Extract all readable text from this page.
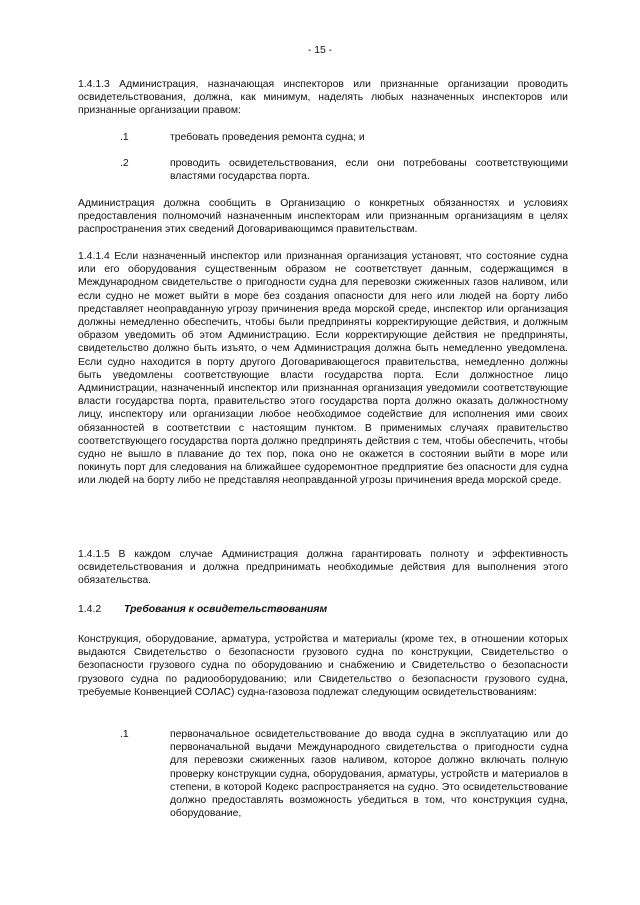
- 15 -

1.4.1.3 Администрация, назначающая инспекторов или признанные организации проводить освидетельствования, должна, как минимум, наделять любых назначенных инспекторов или признанные организации правом:

.1	требовать проведения ремонта судна; и

.2	проводить освидетельствования, если они потребованы соответствующими властями государства порта.

Администрация должна сообщить в Организацию о конкретных обязанностях и условиях предоставления полномочий назначенным инспекторам или признанным организациям в целях распространения этих сведений Договаривающимся правительствам.

1.4.1.4 Если назначенный инспектор или признанная организация установят, что состояние судна или его оборудования существенным образом не соответствует данным, содержащимся в Международном свидетельстве о пригодности судна для перевозки сжиженных газов наливом, или если судно не может выйти в море без создания опасности для него или людей на борту либо представляет неоправданную угрозу причинения вреда морской среде, инспектор или организация должны немедленно обеспечить, чтобы были предприняты корректирующие действия, и должным образом уведомить об этом Администрацию. Если корректирующие действия не предприняты, свидетельство должно быть изъято, о чем Администрация должна быть немедленно уведомлена. Если судно находится в порту другого Договаривающегося правительства, немедленно должны быть уведомлены соответствующие власти государства порта. Если должностное лицо Администрации, назначенный инспектор или признанная организация уведомили соответствующие власти государства порта, правительство этого государства порта должно оказать должностному лицу, инспектору или организации любое необходимое содействие для исполнения ими своих обязанностей в соответствии с настоящим пунктом. В применимых случаях правительство соответствующего государства порта должно предпринять действия с тем, чтобы обеспечить, чтобы судно не вышло в плавание до тех пор, пока оно не окажется в состоянии выйти в море или покинуть порт для следования на ближайшее судоремонтное предприятие без опасности для судна или людей на борту либо не представляя неоправданной угрозы причинения вреда морской среде.

1.4.1.5 В каждом случае Администрация должна гарантировать полноту и эффективность освидетельствования и должна предпринимать необходимые действия для выполнения этого обязательства.

1.4.2 Требования к освидетельствованиям

Конструкция, оборудование, арматура, устройства и материалы (кроме тех, в отношении которых выдаются Свидетельство о безопасности грузового судна по конструкции, Свидетельство о безопасности грузового судна по оборудованию и снабжению и Свидетельство о безопасности грузового судна по радиооборудованию; или Свидетельство о безопасности грузового судна, требуемые Конвенцией СОЛАС) судна-газовоза подлежат следующим освидетельствованиям:

.1	первоначальное освидетельствование до ввода судна в эксплуатацию или до первоначальной выдачи Международного свидетельства о пригодности судна для перевозки сжиженных газов наливом, которое должно включать полную проверку конструкции судна, оборудования, арматуры, устройств и материалов в степени, в которой Кодекс распространяется на судно. Это освидетельствование должно предоставлять возможность убедиться в том, что конструкция судна, оборудование,
